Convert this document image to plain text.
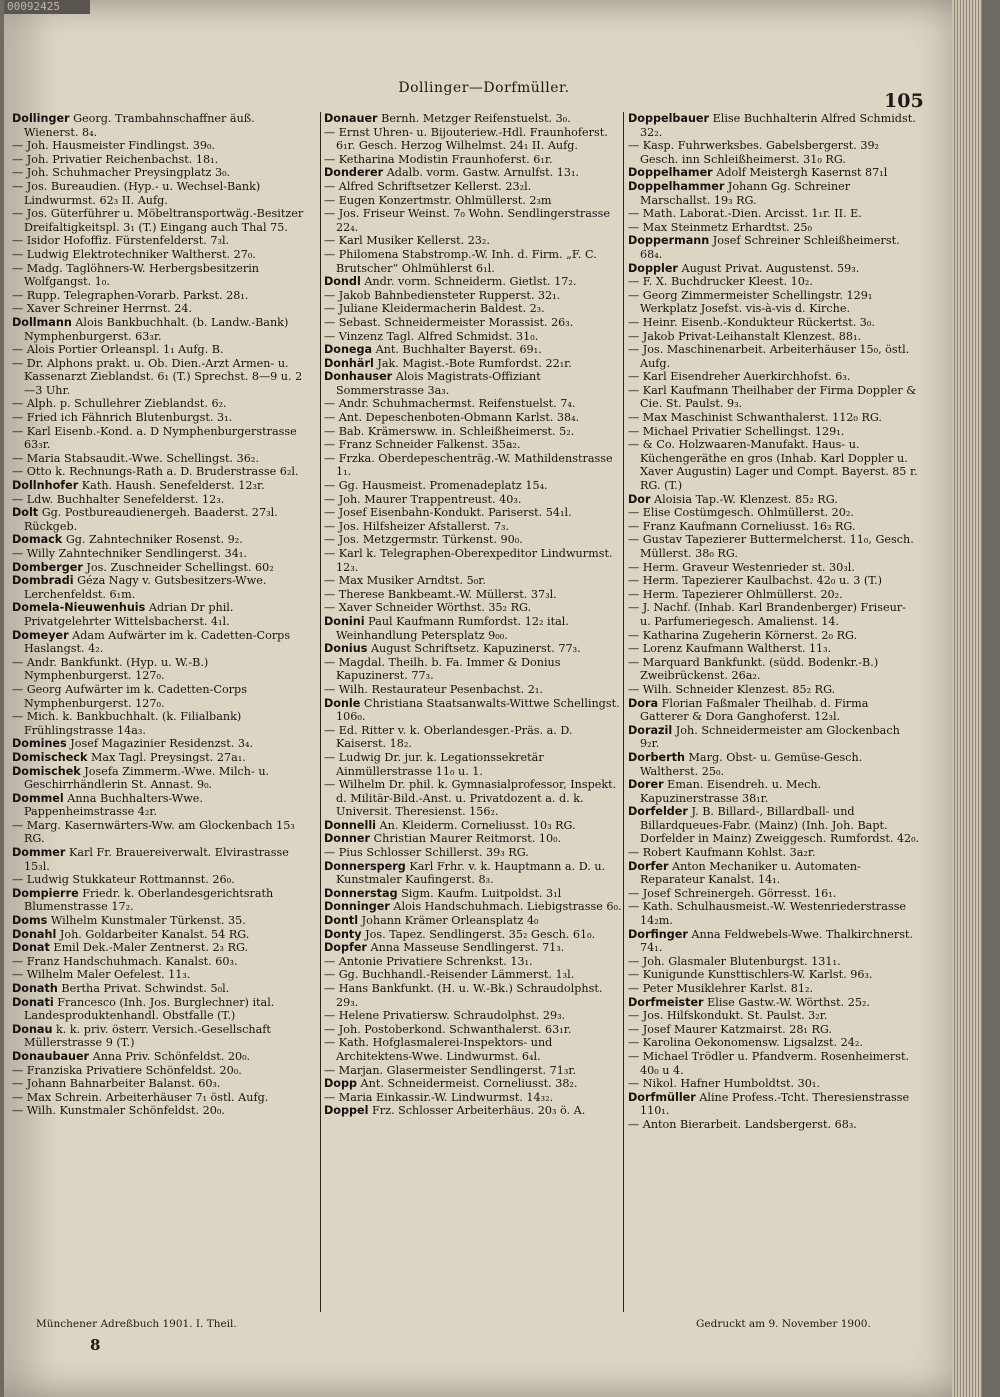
00092425
Dollinger—Dorfmüller.
105
Dollinger Georg. Trambahnschaffner äuß. Wienerst. 8₄.
— Joh. Hausmeister Findlingst. 39₀.
— Joh. Privatier Reichenbachst. 18₁.
— Joh. Schuhmacher Preysingplatz 3₀.
— Jos. Bureaudien. (Hyp.- u. Wechsel-Bank) Lindwurmst. 62₃ II. Aufg.
— Jos. Güterführer u. Möbeltransportwäg.-Besitzer Dreifaltigkeitspl. 3₁ (T.) Eingang auch Thal 75.
— Isidor Hofoffiz. Fürstenfelderst. 7₃l.
— Ludwig Elektrotechniker Waltherst. 27₀.
— Madg. Taglöhners-W. Herbergsbesitzerin Wolfgangst. 1₀.
— Rupp. Telegraphen-Vorarb. Parkst. 28₁.
— Xaver Schreiner Herrnst. 24.
Dollmann Alois Bankbuchhalt. (b. Landw.-Bank) Nymphenburgerst. 63₃r.
— Alois Portier Orleanspl. 1₁ Aufg. B.
— Dr. Alphons prakt. u. Ob. Dien.-Arzt Armen- u. Kassenarzt Zieblandst. 6₁ (T.) Sprechst. 8—9 u. 2—3 Uhr.
— Alph. p. Schullehrer Zieblandst. 6₂.
— Fried ich Fähnrich Blutenburgst. 3₁.
— Karl Eisenb.-Kond. a. D Nymphenburgerstrasse 63₃r.
— Maria Stabsaudit.-Wwe. Schellingst. 36₂.
— Otto k. Rechnungs-Rath a. D. Bruderstrasse 6₂l.
Dollnhofer Kath. Haush. Senefelderst. 12₃r.
— Ldw. Buchhalter Senefelderst. 12₃.
Dolt Gg. Postbureaudienergeh. Baaderst. 27₃l. Rückgeb.
Domack Gg. Zahntechniker Rosenst. 9₂.
— Willy Zahntechniker Sendlingerst. 34₁.
Domberger Jos. Zuschneider Schellingst. 60₂
Dombradi Géza Nagy v. Gutsbesitzers-Wwe. Lerchenfeldst. 6₁m.
Domela-Nieuwenhuis Adrian Dr phil. Privatgelehrter Wittelsbacherst. 4₁l.
Domeyer Adam Aufwärter im k. Cadetten-Corps Haslangst. 4₂.
— Andr. Bankfunkt. (Hyp. u. W.-B.) Nymphenburgerst. 127₀.
— Georg Aufwärter im k. Cadetten-Corps Nymphenburgerst. 127₀.
— Mich. k. Bankbuchhalt. (k. Filialbank) Frühlingstrasse 14a₃.
Domines Josef Magazinier Residenzst. 3₄.
Domischeck Max Tagl. Preysingst. 27a₁.
Domischek Josefa Zimmerm.-Wwe. Milch- u. Geschirrhändlerin St. Annast. 9₀.
Dommel Anna Buchhalters-Wwe. Pappenheimstrasse 4₂r.
— Marg. Kasernwärters-Ww. am Glockenbach 15₃ RG.
Dommer Karl Fr. Brauereiverwalt. Elvirastrasse 15₃l.
— Ludwig Stukkateur Rottmannst. 26₀.
Dompierre Friedr. k. Oberlandesgerichtsrath Blumenstrasse 17₂.
Doms Wilhelm Kunstmaler Türkenst. 35.
Donahl Joh. Goldarbeiter Kanalst. 54 RG.
Donat Emil Dek.-Maler Zentnerst. 2₃ RG.
— Franz Handschuhmach. Kanalst. 60₃.
— Wilhelm Maler Oefelest. 11₃.
Donath Bertha Privat. Schwindst. 5₀l.
Donati Francesco (Inh. Jos. Burglechner) ital. Landesproduktenhandl. Obstfalle (T.)
Donau k. k. priv. österr. Versich.-Gesellschaft Müllerstrasse 9 (T.)
Donaubauer Anna Priv. Schönfeldst. 20₀.
— Franziska Privatiere Schönfeldst. 20₀.
— Johann Bahnarbeiter Balanst. 60₃.
— Max Schrein. Arbeiterhäuser 7₁ östl. Aufg.
— Wilh. Kunstmaler Schönfeldst. 20₀.
Donauer Bernh. Metzger Reifenstuelst. 3₀.
— Ernst Uhren- u. Bijouteriew.-Hdl. Fraunhoferst. 6₁r. Gesch. Herzog Wilhelmst. 24₁ II. Aufg.
— Ketharina Modistin Fraunhoferst. 6₁r.
Donderer Adalb. vorm. Gastw. Arnulfst. 13₁.
— Alfred Schriftsetzer Kellerst. 23₂l.
— Eugen Konzertmstr. Ohlmüllerst. 2₃m
— Jos. Friseur Weinst. 7₀ Wohn. Sendlingerstrasse 22₄.
— Karl Musiker Kellerst. 23₂.
— Philomena Stabstromp.-W. Inh. d. Firm. „F. C. Brutscher“ Ohlmühlerst 6₁l.
Dondl Andr. vorm. Schneiderm. Gietlst. 17₂.
— Jakob Bahnbediensteter Rupperst. 32₁.
— Juliane Kleidermacherin Baldest. 2₃.
— Sebast. Schneidermeister Morassist. 26₃.
— Vinzenz Tagl. Alfred Schmidst. 31₀.
Donega Ant. Buchhalter Bayerst. 69₁.
Donhärl Jak. Magist.-Bote Rumfordst. 22₁r.
Donhauser Alois Magistrats-Offiziant Sommerstrasse 3a₃.
— Andr. Schuhmachermst. Reifenstuelst. 7₄.
— Ant. Depeschenboten-Obmann Karlst. 38₄.
— Bab. Krämersww. in. Schleißheimerst. 5₂.
— Franz Schneider Falkenst. 35a₂.
— Frzka. Oberdepeschenträg.-W. Mathildenstrasse 1₁.
— Gg. Hausmeist. Promenadeplatz 15₄.
— Joh. Maurer Trappentreust. 40₃.
— Josef Eisenbahn-Kondukt. Pariserst. 54₁l.
— Jos. Hilfsheizer Afstallerst. 7₃.
— Jos. Metzgermstr. Türkenst. 90₀.
— Karl k. Telegraphen-Oberexpeditor Lindwurmst. 12₃.
— Max Musiker Arndtst. 5₀r.
— Therese Bankbeamt.-W. Müllerst. 37₃l.
— Xaver Schneider Wörthst. 35₂ RG.
Donini Paul Kaufmann Rumfordst. 12₂ ital. Weinhandlung Petersplatz 9₀₀.
Donius August Schriftsetz. Kapuzinerst. 77₃.
— Magdal. Theilh. b. Fa. Immer & Donius Kapuzinerst. 77₃.
— Wilh. Restaurateur Pesenbachst. 2₁.
Donle Christiana Staatsanwalts-Wittwe Schellingst. 106₀.
— Ed. Ritter v. k. Oberlandesger.-Präs. a. D. Kaiserst. 18₂.
— Ludwig Dr. jur. k. Legationssekretär Ainmüllerstrasse 11₀ u. 1.
— Wilhelm Dr. phil. k. Gymnasialprofessor, Inspekt. d. Militär-Bild.-Anst. u. Privatdozent a. d. k. Universit. Theresienst. 156₂.
Donnelli An. Kleiderm. Corneliusst. 10₃ RG.
Donner Christian Maurer Reitmorst. 10₀.
— Pius Schlosser Schillerst. 39₃ RG.
Donnersperg Karl Frhr. v. k. Hauptmann a. D. u. Kunstmaler Kaufingerst. 8₃.
Donnerstag Sigm. Kaufm. Luitpoldst. 3₁l
Donninger Alois Handschuhmach. Liebigstrasse 6₀.
Dontl Johann Krämer Orleansplatz 4₀
Donty Jos. Tapez. Sendlingerst. 35₂ Gesch. 61₀.
Dopfer Anna Masseuse Sendlingerst. 71₃.
— Antonie Privatiere Schrenkst. 13₁.
— Gg. Buchhandl.-Reisender Lämmerst. 1₃l.
— Hans Bankfunkt. (H. u. W.-Bk.) Schraudolphst. 29₃.
— Helene Privatiersw. Schraudolphst. 29₃.
— Joh. Postoberkond. Schwanthalerst. 63₁r.
— Kath. Hofglasmalerei-Inspektors- und Architektens-Wwe. Lindwurmst. 6₄l.
— Marjan. Glasermeister Sendlingerst. 71₃r.
Dopp Ant. Schneidermeist. Corneliusst. 38₂.
— Maria Einkassir.-W. Lindwurmst. 14₃₂.
Doppel Frz. Schlosser Arbeiterhäus. 20₃ ö. A.
Doppelbauer Elise Buchhalterin Alfred Schmidst. 32₂.
— Kasp. Fuhrwerksbes. Gabelsbergerst. 39₂ Gesch. inn Schleißheimerst. 31₀ RG.
Doppelhamer Adolf Meistergh Kasernst 87₁l
Doppelhammer Johann Gg. Schreiner Marschallst. 19₃ RG.
— Math. Laborat.-Dien. Arcisst. 1₁r. II. E.
— Max Steinmetz Erhardtst. 25₀
Doppermann Josef Schreiner Schleißheimerst. 68₄.
Doppler August Privat. Augustenst. 59₃.
— F. X. Buchdrucker Kleest. 10₂.
— Georg Zimmermeister Schellingstr. 129₁ Werkplatz Josefst. vis-à-vis d. Kirche.
— Heinr. Eisenb.-Kondukteur Rückertst. 3₀.
— Jakob Privat-Leihanstalt Klenzest. 88₁.
— Jos. Maschinenarbeit. Arbeiterhäuser 15₀, östl. Aufg.
— Karl Eisendreher Auerkirchhofst. 6₃.
— Karl Kaufmann Theilhaber der Firma Doppler & Cie. St. Paulst. 9₃.
— Max Maschinist Schwanthalerst. 112₀ RG.
— Michael Privatier Schellingst. 129₁.
— & Co. Holzwaaren-Manufakt. Haus- u. Küchengeräthe en gros (Inhab. Karl Doppler u. Xaver Augustin) Lager und Compt. Bayerst. 85 r. RG. (T.)
Dor Aloisia Tap.-W. Klenzest. 85₂ RG.
— Elise Costümgesch. Ohlmüllerst. 20₂.
— Franz Kaufmann Corneliusst. 16₃ RG.
— Gustav Tapezierer Buttermelcherst. 11₀, Gesch. Müllerst. 38₀ RG.
— Herm. Graveur Westenrieder st. 30₃l.
— Herm. Tapezierer Kaulbachst. 42₀ u. 3 (T.)
— Herm. Tapezierer Ohlmüllerst. 20₂.
— J. Nachf. (Inhab. Karl Brandenberger) Friseur- u. Parfumeriegesch. Amalienst. 14.
— Katharina Zugeherin Körnerst. 2₀ RG.
— Lorenz Kaufmann Waltherst. 11₃.
— Marquard Bankfunkt. (südd. Bodenkr.-B.) Zweibrückenst. 26a₂.
— Wilh. Schneider Klenzest. 85₂ RG.
Dora Florian Faßmaler Theilhab. d. Firma Gatterer & Dora Ganghoferst. 12₃l.
Dorazil Joh. Schneidermeister am Glockenbach 9₂r.
Dorberth Marg. Obst- u. Gemüse-Gesch. Waltherst. 25₀.
Dorer Eman. Eisendreh. u. Mech. Kapuzinerstrasse 38₁r.
Dorfelder J. B. Billard-, Billardball- und Billardqueues-Fabr. (Mainz) (Inh. Joh. Bapt. Dorfelder in Mainz) Zweiggesch. Rumfordst. 42₀.
— Robert Kaufmann Kohlst. 3a₂r.
Dorfer Anton Mechaniker u. Automaten-Reparateur Kanalst. 14₁.
— Josef Schreinergeh. Görresst. 16₁.
— Kath. Schulhausmeist.-W. Westenriederstrasse 14₂m.
Dorfinger Anna Feldwebels-Wwe. Thalkirchnerst. 74₁.
— Joh. Glasmaler Blutenburgst. 131₁.
— Kunigunde Kunsttischlers-W. Karlst. 96₃.
— Peter Musiklehrer Karlst. 81₂.
Dorfmeister Elise Gastw.-W. Wörthst. 25₂.
— Jos. Hilfskondukt. St. Paulst. 3₂r.
— Josef Maurer Katzmairst. 28₁ RG.
— Karolina Oekonomensw. Ligsalzst. 24₂.
— Michael Trödler u. Pfandverm. Rosenheimerst. 40₀ u 4.
— Nikol. Hafner Humboldtst. 30₁.
Dorfmüller Aline Profess.-Tcht. Theresienstrasse 110₁.
— Anton Bierarbeit. Landsbergerst. 68₃.
Münchener Adreßbuch 1901. I. Theil.	Gedruckt am 9. November 1900.
8
